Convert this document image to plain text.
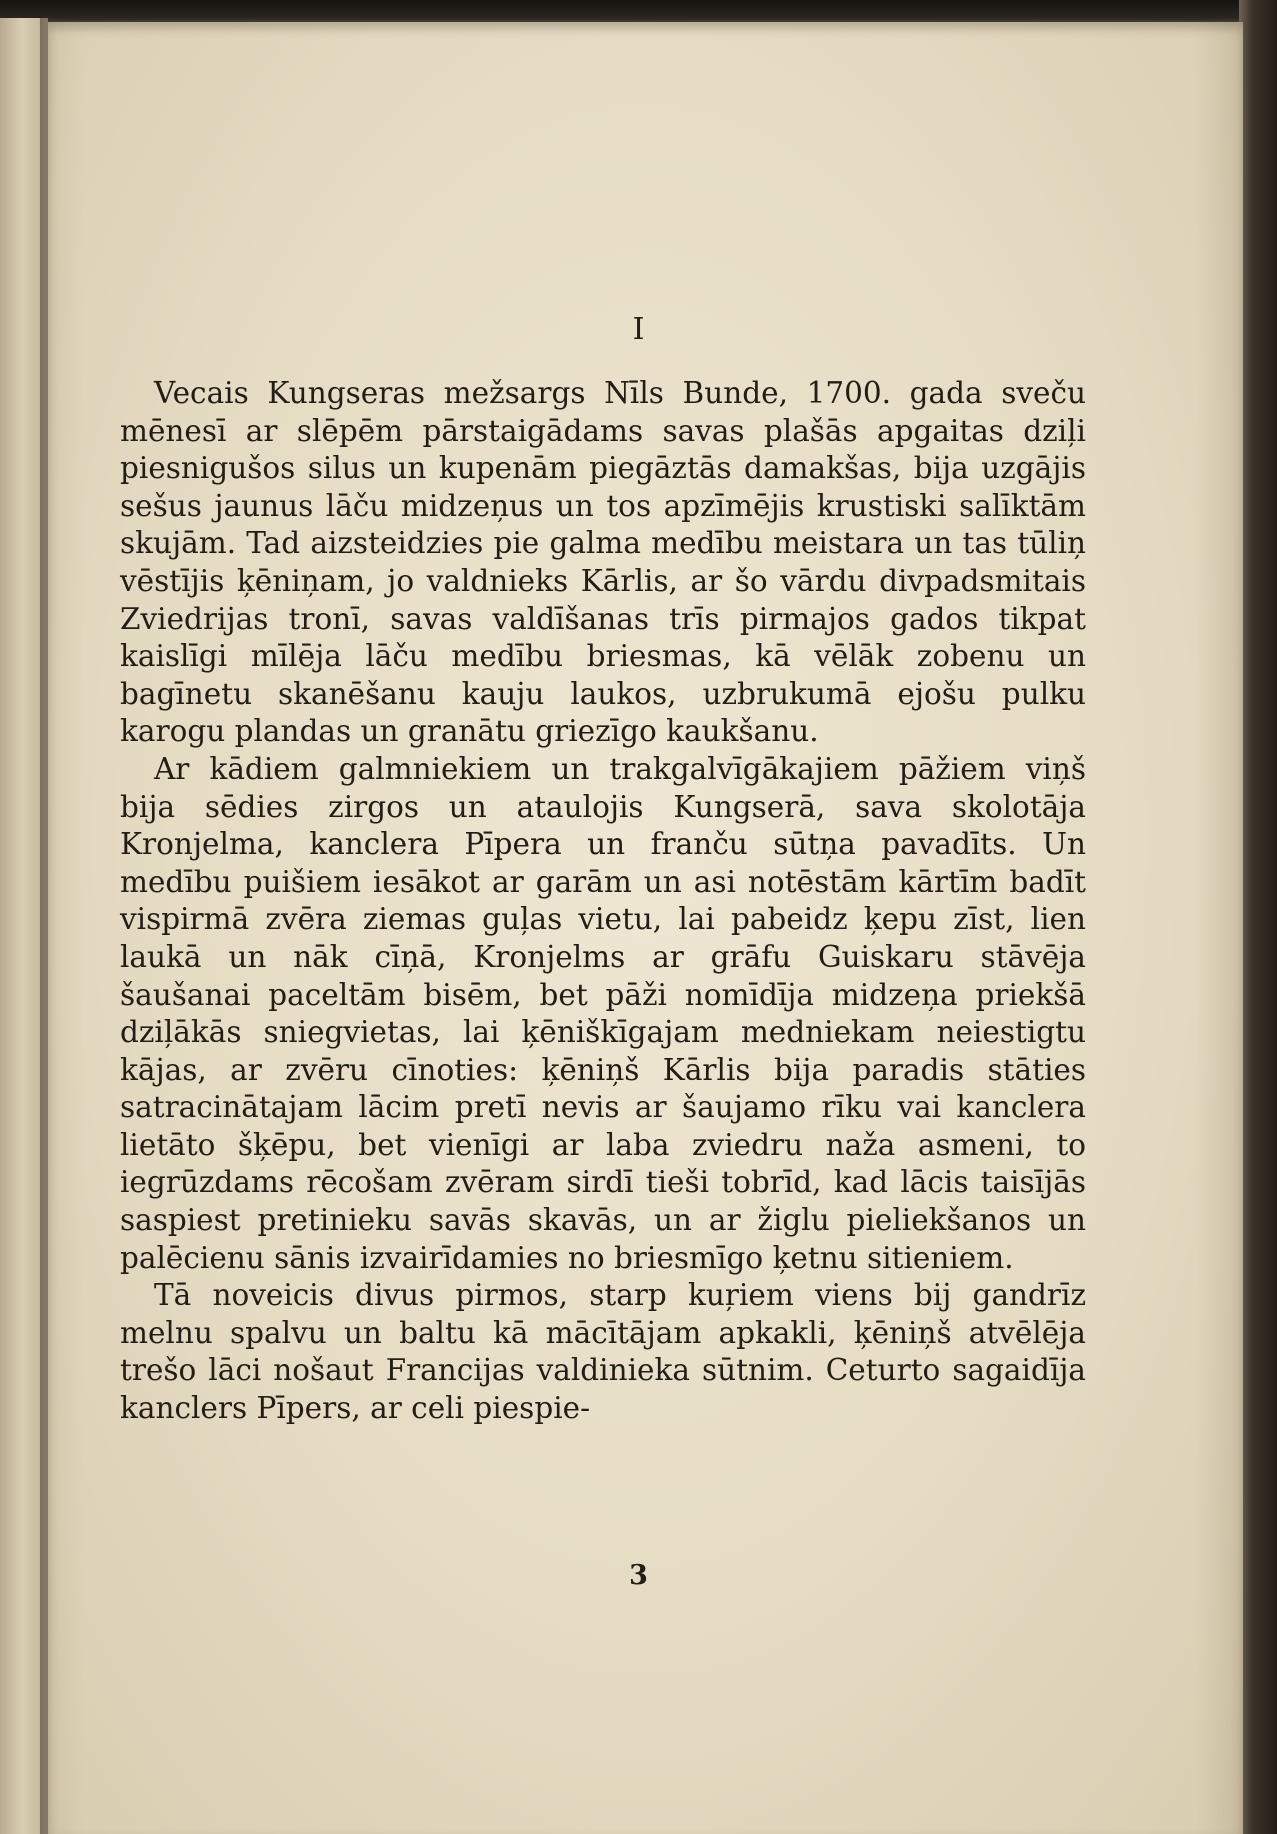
I

Vecais Kungseras mežsargs Nīls Bunde, 1700. gada sveču mēnesī ar slēpēm pārstaigādams savas plašās apgaitas dziļi piesnigušos silus un kupenām piegāztās damakšas, bija uzgājis sešus jaunus lāču midzeņus un tos apzīmējis krustiski salīktām skujām. Tad aizsteidzies pie galma medību meistara un tas tūliņ vēstījis ķēniņam, jo valdnieks Kārlis, ar šo vārdu divpadsmitais Zviedrijas tronī, savas valdīšanas trīs pirmajos gados tikpat kaislīgi mīlēja lāču medību briesmas, kā vēlāk zobenu un bagīnetu skanēšanu kauju laukos, uzbrukumā ejošu pulku karogu plandas un granātu griezīgo kaukšanu.

Ar kādiem galmniekiem un trakgalvīgākajiem pāžiem viņš bija sēdies zirgos un ataulojis Kungserā, sava skolotāja Kronjelma, kanclera Pīpera un franču sūtņa pavadīts. Un medību puišiem iesākot ar garām un asi notēstām kārtīm badīt vispirmā zvēra ziemas guļas vietu, lai pabeidz ķepu zīst, lien laukā un nāk cīņā, Kronjelms ar grāfu Guiskaru stāvēja šaušanai paceltām bisēm, bet pāži nomīdīja midzeņa priekšā dziļākās sniegvietas, lai ķēniškīgajam medniekam neiestigtu kājas, ar zvēru cīnoties: ķēniņš Kārlis bija paradis stāties satracinātajam lācim pretī nevis ar šaujamo rīku vai kanclera lietāto šķēpu, bet vienīgi ar laba zviedru naža asmeni, to iegrūzdams rēcošam zvēram sirdī tieši tobrīd, kad lācis taisījās saspiest pretinieku savās skavās, un ar žiglu pieliekšanos un palēcienu sānis izvairīdamies no briesmīgo ķetnu sitieniem.

Tā noveicis divus pirmos, starp kuŗiem viens bij gandrīz melnu spalvu un baltu kā mācītājam apkakli, ķēniņš atvēlēja trešo lāci nošaut Francijas valdinieka sūtnim. Ceturto sagaidīja kanclers Pīpers, ar celi piespie-

3
